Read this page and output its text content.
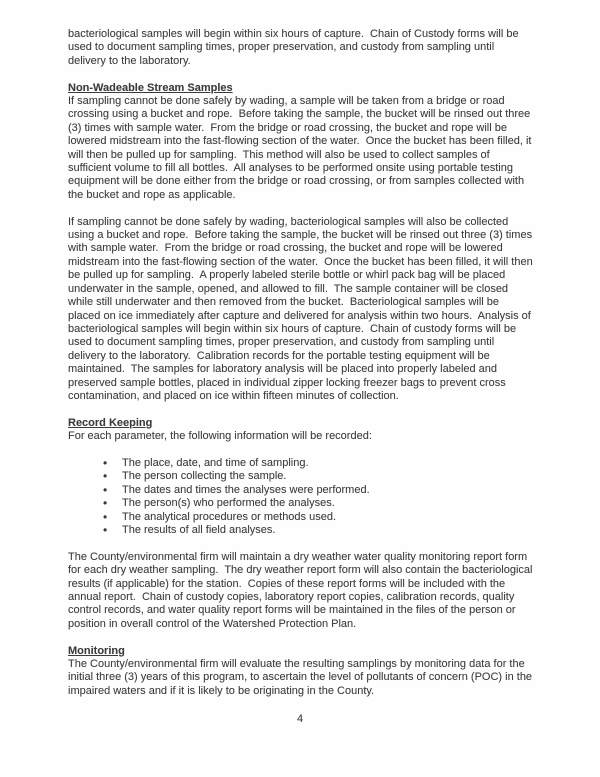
bacteriological samples will begin within six hours of capture.  Chain of Custody forms will be used to document sampling times, proper preservation, and custody from sampling until delivery to the laboratory.

Non-Wadeable Stream Samples

If sampling cannot be done safely by wading, a sample will be taken from a bridge or road crossing using a bucket and rope.  Before taking the sample, the bucket will be rinsed out three (3) times with sample water.  From the bridge or road crossing, the bucket and rope will be lowered midstream into the fast-flowing section of the water.  Once the bucket has been filled, it will then be pulled up for sampling.  This method will also be used to collect samples of sufficient volume to fill all bottles.  All analyses to be performed onsite using portable testing equipment will be done either from the bridge or road crossing, or from samples collected with the bucket and rope as applicable.

If sampling cannot be done safely by wading, bacteriological samples will also be collected using a bucket and rope.  Before taking the sample, the bucket will be rinsed out three (3) times with sample water.  From the bridge or road crossing, the bucket and rope will be lowered midstream into the fast-flowing section of the water.  Once the bucket has been filled, it will then be pulled up for sampling.  A properly labeled sterile bottle or whirl pack bag will be placed underwater in the sample, opened, and allowed to fill.  The sample container will be closed while still underwater and then removed from the bucket.  Bacteriological samples will be placed on ice immediately after capture and delivered for analysis within two hours.  Analysis of bacteriological samples will begin within six hours of capture.  Chain of custody forms will be used to document sampling times, proper preservation, and custody from sampling until delivery to the laboratory.  Calibration records for the portable testing equipment will be maintained.  The samples for laboratory analysis will be placed into properly labeled and preserved sample bottles, placed in individual zipper locking freezer bags to prevent cross contamination, and placed on ice within fifteen minutes of collection.

Record Keeping

For each parameter, the following information will be recorded:

• The place, date, and time of sampling.
• The person collecting the sample.
• The dates and times the analyses were performed.
• The person(s) who performed the analyses.
• The analytical procedures or methods used.
• The results of all field analyses.

The County/environmental firm will maintain a dry weather water quality monitoring report form for each dry weather sampling.  The dry weather report form will also contain the bacteriological results (if applicable) for the station.  Copies of these report forms will be included with the annual report.  Chain of custody copies, laboratory report copies, calibration records, quality control records, and water quality report forms will be maintained in the files of the person or position in overall control of the Watershed Protection Plan.

Monitoring

The County/environmental firm will evaluate the resulting samplings by monitoring data for the initial three (3) years of this program, to ascertain the level of pollutants of concern (POC) in the impaired waters and if it is likely to be originating in the County.

4
